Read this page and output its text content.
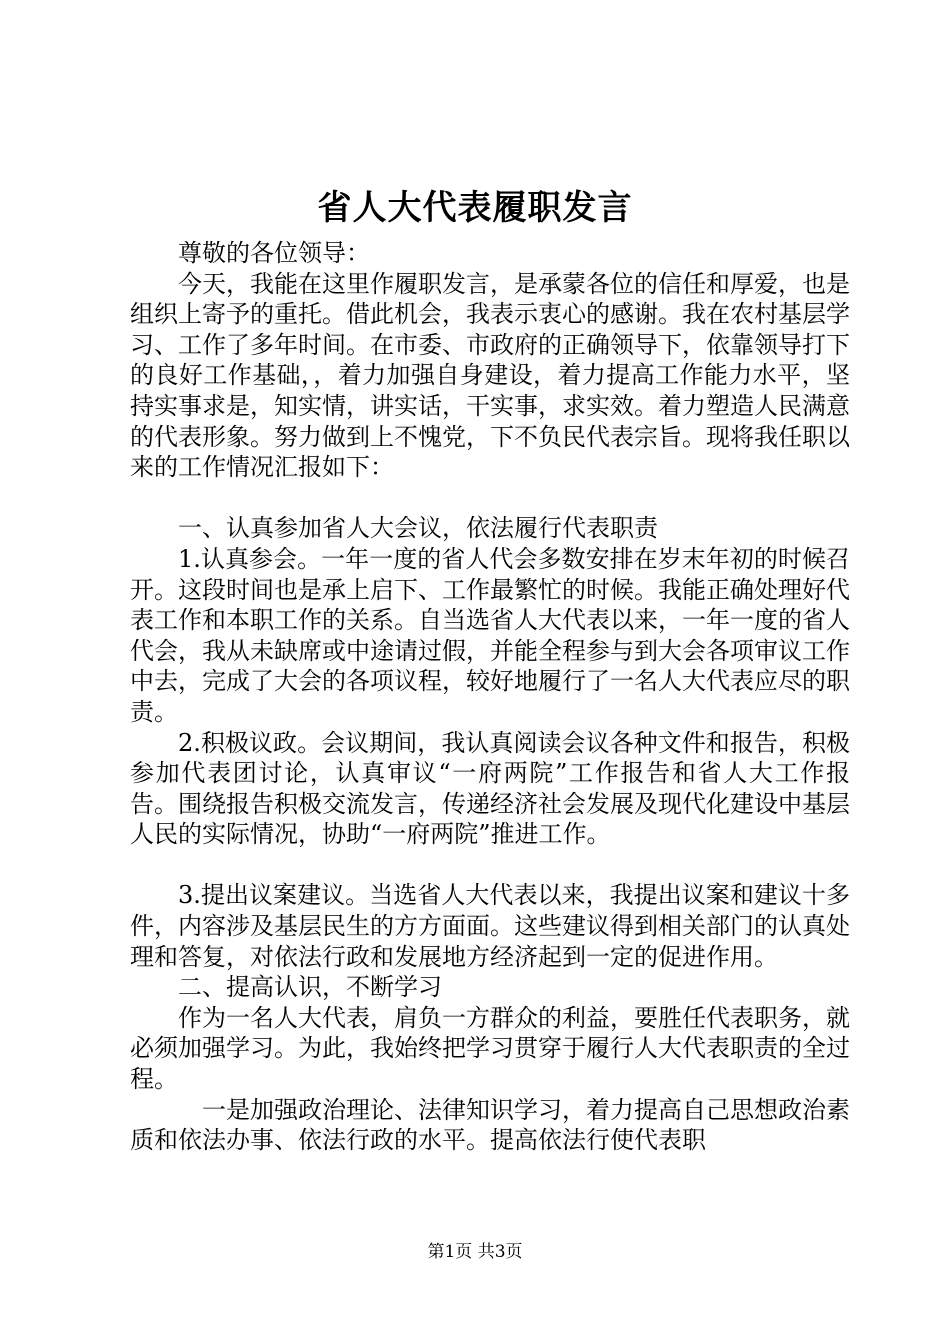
省人大代表履职发言

尊敬的各位领导：

今天，我能在这里作履职发言，是承蒙各位的信任和厚爱，也是组织上寄予的重托。借此机会，我表示衷心的感谢。我在农村基层学习、工作了多年时间。在市委、市政府的正确领导下，依靠领导打下的良好工作基础，，着力加强自身建设，着力提高工作能力水平，坚持实事求是，知实情，讲实话，干实事，求实效。着力塑造人民满意的代表形象。努力做到上不愧党，下不负民代表宗旨。现将我任职以来的工作情况汇报如下：

一、认真参加省人大会议，依法履行代表职责

1.认真参会。一年一度的省人代会多数安排在岁末年初的时候召开。这段时间也是承上启下、工作最繁忙的时候。我能正确处理好代表工作和本职工作的关系。自当选省人大代表以来，一年一度的省人代会，我从未缺席或中途请过假，并能全程参与到大会各项审议工作中去，完成了大会的各项议程，较好地履行了一名人大代表应尽的职责。

2.积极议政。会议期间，我认真阅读会议各种文件和报告，积极参加代表团讨论，认真审议“一府两院”工作报告和省人大工作报告。围绕报告积极交流发言，传递经济社会发展及现代化建设中基层人民的实际情况，协助“一府两院”推进工作。

3.提出议案建议。当选省人大代表以来，我提出议案和建议十多件，内容涉及基层民生的方方面面。这些建议得到相关部门的认真处理和答复，对依法行政和发展地方经济起到一定的促进作用。

二、提高认识，不断学习

作为一名人大代表，肩负一方群众的利益，要胜任代表职务，就必须加强学习。为此，我始终把学习贯穿于履行人大代表职责的全过程。

一是加强政治理论、法律知识学习，着力提高自己思想政治素质和依法办事、依法行政的水平。提高依法行使代表职

第1页 共3页
